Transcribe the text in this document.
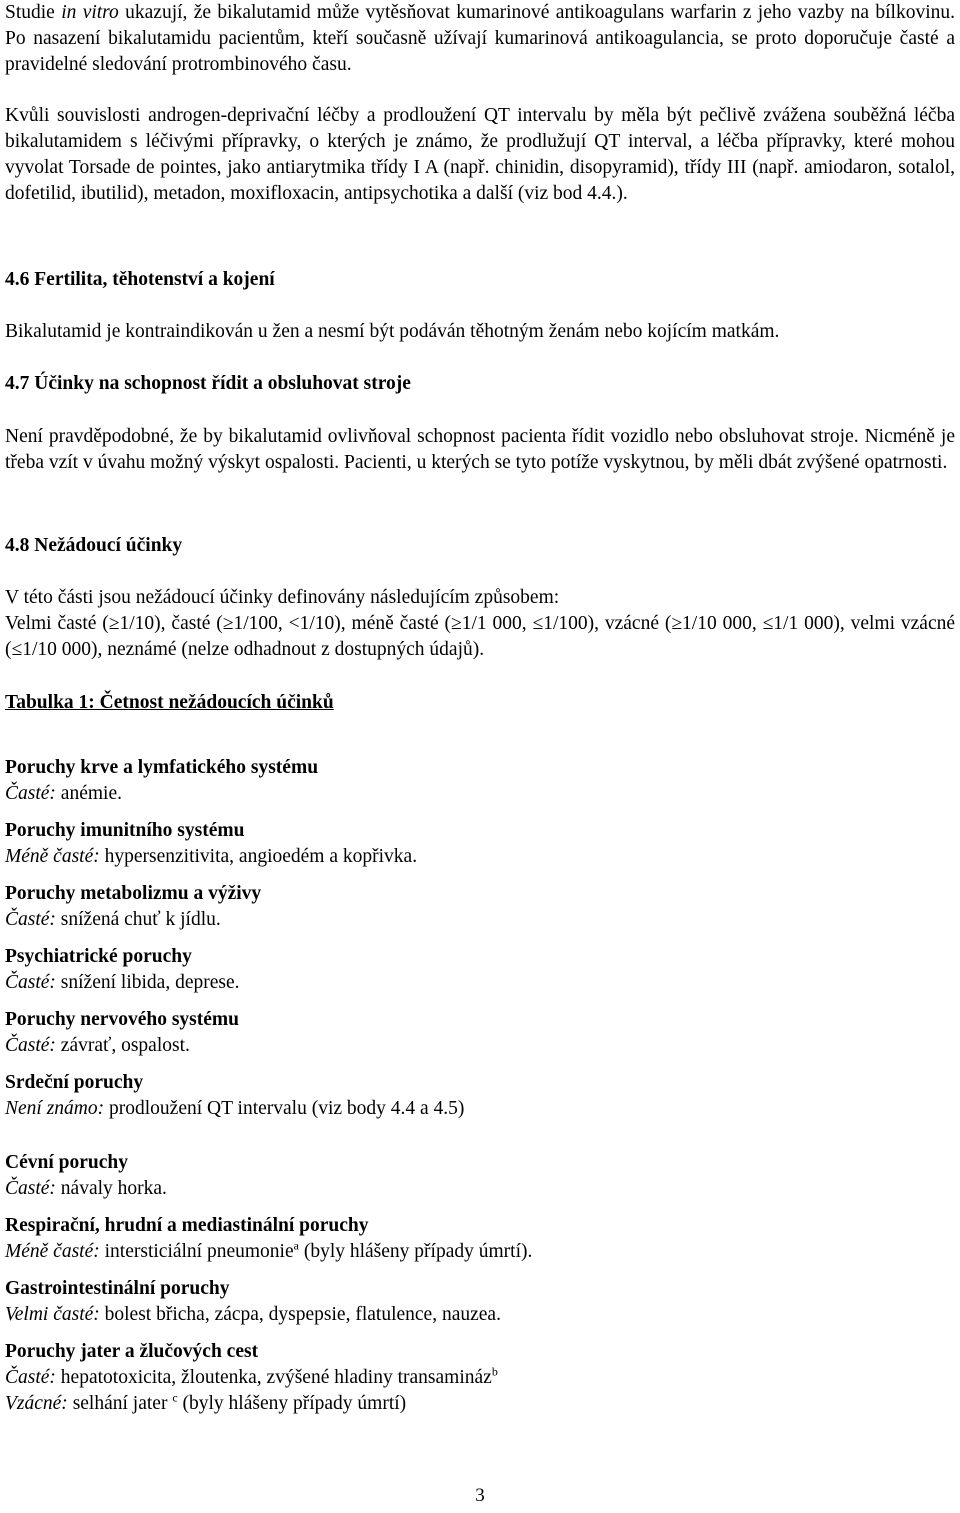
Studie in vitro ukazují, že bikalutamid může vytěsňovat kumarinové antikoagulans warfarin z jeho vazby na bílkovinu. Po nasazení bikalutamidu pacientům, kteří současně užívají kumarinová antikoagulancia, se proto doporučuje časté a pravidelné sledování protrombinového času.

Kvůli souvislosti androgen-deprivační léčby a prodloužení QT intervalu by měla být pečlivě zvážena souběžná léčba bikalutamidem s léčivými přípravky, o kterých je známo, že prodlužují QT interval, a léčba přípravky, které mohou vyvolat Torsade de pointes, jako antiarytmika třídy I A (např. chinidin, disopyramid), třídy III (např. amiodaron, sotalol, dofetilid, ibutilid), metadon, moxifloxacin, antipsychotika a další (viz bod 4.4.).

4.6 Fertilita, těhotenství a kojení

Bikalutamid je kontraindikován u žen a nesmí být podáván těhotným ženám nebo kojícím matkám.

4.7 Účinky na schopnost řídit a obsluhovat stroje

Není pravděpodobné, že by bikalutamid ovlivňoval schopnost pacienta řídit vozidlo nebo obsluhovat stroje. Nicméně je třeba vzít v úvahu možný výskyt ospalosti. Pacienti, u kterých se tyto potíže vyskytnou, by měli dbát zvýšené opatrnosti.

4.8 Nežádoucí účinky

V této části jsou nežádoucí účinky definovány následujícím způsobem:

Velmi časté (≥1/10), časté (≥1/100, <1/10), méně časté (≥1/1 000, ≤1/100), vzácné (≥1/10 000, ≤1/1 000), velmi vzácné (≤1/10 000), neznámé (nelze odhadnout z dostupných údajů).

Tabulka 1: Četnost nežádoucích účinků

Poruchy krve a lymfatického systému

Časté: anémie.

Poruchy imunitního systému

Méně časté: hypersenzitivita, angioedém a kopřivka.

Poruchy metabolizmu a výživy

Časté: snížená chuť k jídlu.

Psychiatrické poruchy

Časté: snížení libida, deprese.

Poruchy nervového systému

Časté: závrať, ospalost.

Srdeční poruchy

Není známo: prodloužení QT intervalu (viz body 4.4 a 4.5)

Cévní poruchy

Časté: návaly horka.

Respirační, hrudní a mediastinální poruchy

Méně časté: intersticiální pneumonie$^a$ (byly hlášeny případy úmrtí).

Gastrointestinální poruchy

Velmi časté: bolest břicha, zácpa, dyspepsie, flatulence, nauzea.

Poruchy jater a žlučových cest

Časté: hepatotoxicita, žloutenka, zvýšené hladiny transamináz$^b$

Vzácné: selhání jater $^c$ (byly hlášeny případy úmrtí)

3
